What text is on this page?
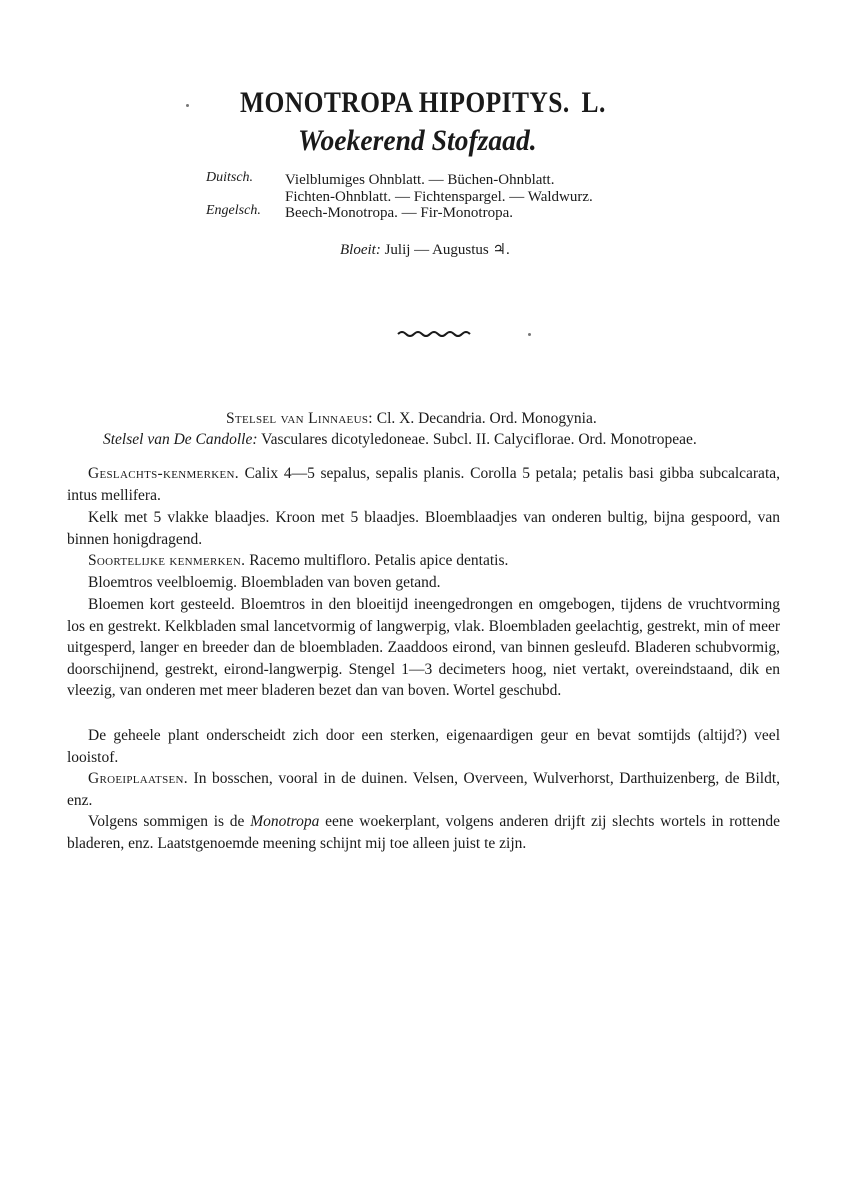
MONOTROPA HIPOPITYS. L.
Woekerend Stofzaad.
Duitsch. Vielblumiges Ohnblatt. — Büchen-Ohnblatt.
Fichten-Ohnblatt. — Fichtenspargel. — Waldwurz.
Engelsch. Beech-Monotropa. — Fir-Monotropa.
Bloeit: Julij — Augustus ♃.
Stelsel van Linnaeus: Cl. X. Decandria. Ord. Monogynia.
Stelsel van De Candolle: Vasculares dicotyledoneae. Subcl. II. Calyciflorae. Ord. Monotropeae.
Geslachts-kenmerken. Calix 4—5 sepalus, sepalis planis. Corolla 5 petala; petalis basi gibba subcalcarata, intus mellifera.
Kelk met 5 vlakke blaadjes. Kroon met 5 blaadjes. Bloemblaadjes van onderen bultig, bijna gespoord, van binnen honigdragend.
Soortelijke kenmerken. Racemo multifloro. Petalis apice dentatis.
Bloemtros veelbloemig. Bloembladen van boven getand.
Bloemen kort gesteeld. Bloemtros in den bloeitijd ineengedrongen en omgebogen, tijdens de vruchtvorming los en gestrekt. Kelkbladen smal lancetvormig of langwerpig, vlak. Bloembladen geelachtig, gestrekt, min of meer uitgesperd, langer en breeder dan de bloembladen. Zaaddoos eirond, van binnen gesleufd. Bladeren schubvormig, doorschijnend, gestrekt, eirond-langwerpig. Stengel 1—3 decimeters hoog, niet vertakt, overeindstaand, dik en vleezig, van onderen met meer bladeren bezet dan van boven. Wortel geschubd.
De geheele plant onderscheidt zich door een sterken, eigenaardigen geur en bevat somtijds (altijd?) veel looistof.
Groeiplaatsen. In bosschen, vooral in de duinen. Velsen, Overveen, Wulverhorst, Darthuizenberg, de Bildt, enz.
Volgens sommigen is de Monotropa eene woekerplant, volgens anderen drijft zij slechts wortels in rottende bladeren, enz. Laatstgenoemde meening schijnt mij toe alleen juist te zijn.
